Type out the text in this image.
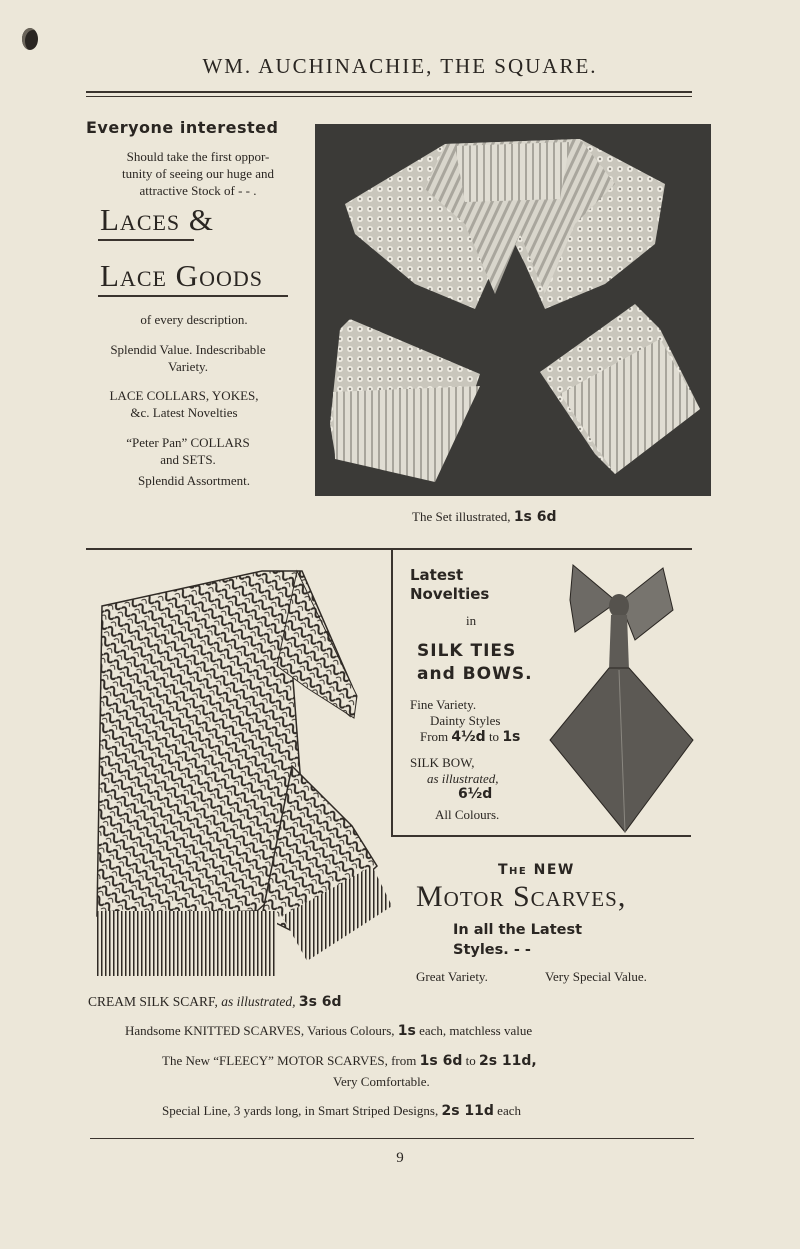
WM. AUCHINACHIE, THE SQUARE.
Everyone interested
Should take the first oppor-
tunity of seeing our huge and
attractive Stock of - - .
Laces &
Lace Goods
of every description.
Splendid Value. Indescribable
Variety.
LACE COLLARS, YOKES,
&c. Latest Novelties
“Peter Pan” COLLARS
and SETS.
Splendid Assortment.
The Set illustrated, 1s 6d
Latest
Novelties
in
SILK TIES
and BOWS.
Fine Variety.
Dainty Styles
From 4½d to 1s
SILK BOW,
as illustrated,
6½d
All Colours.
The NEW
Motor Scarves,
In all the Latest
Styles. - -
Great Variety.	Very Special Value.
CREAM SILK SCARF, as illustrated, 3s 6d
Handsome KNITTED SCARVES, Various Colours, 1s each, matchless value
The New “FLEECY” MOTOR SCARVES, from 1s 6d to 2s 11d,
Very Comfortable.
Special Line, 3 yards long, in Smart Striped Designs, 2s 11d each
9
